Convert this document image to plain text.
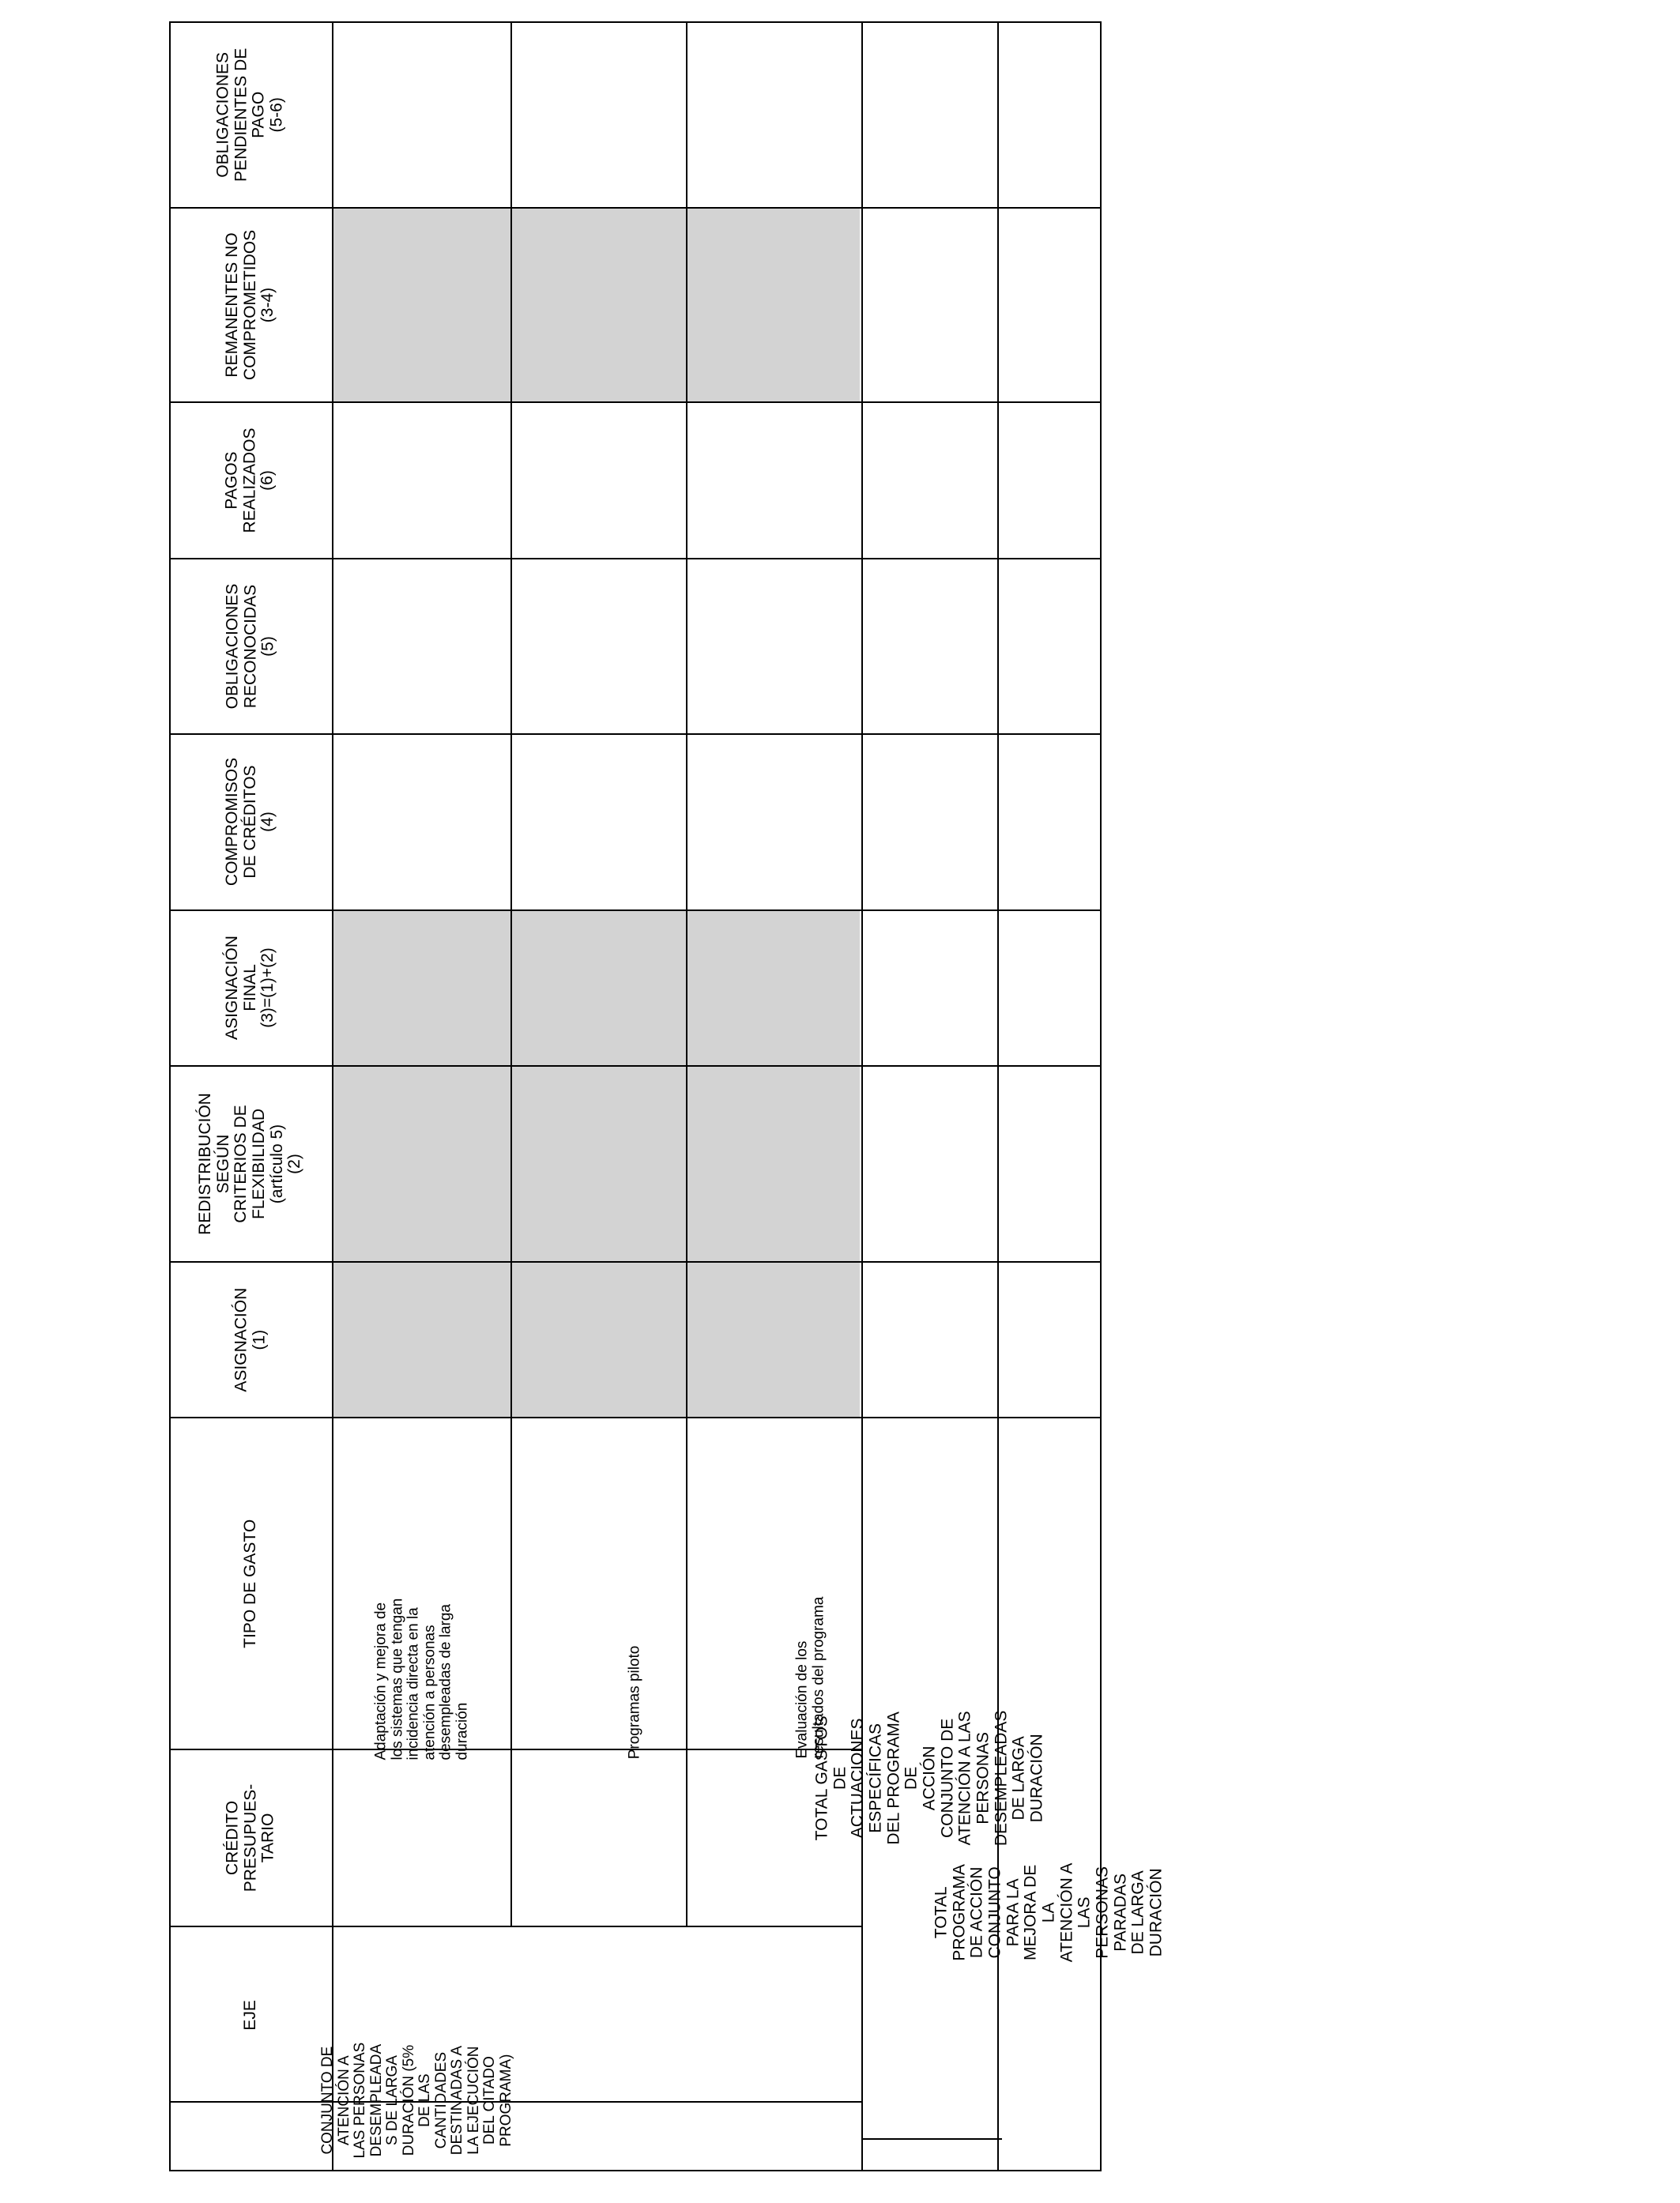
EJE
CRÉDITO
PRESUPUES-
TARIO
TIPO DE GASTO
ASIGNACIÓN
(1)
REDISTRIBUCIÓN
SEGÚN
CRITERIOS DE
FLEXIBILIDAD
(artículo 5)
(2)
ASIGNACIÓN
FINAL
(3)=(1)+(2)
COMPROMISOS
DE CRÉDITOS
(4)
OBLIGACIONES
RECONOCIDAS
(5)
PAGOS
REALIZADOS
(6)
REMANENTES NO
COMPROMETIDOS
(3-4)
OBLIGACIONES
PENDIENTES DE
PAGO
(5-6)
CONJUNTO DE
ATENCIÓN A
LAS PERSONAS
DESEMPLEADA
S DE LARGA
DURACIÓN (5%
DE LAS
CANTIDADES
DESTINADAS A
LA EJECUCIÓN
DEL CITADO
PROGRAMA)
Adaptación y mejora de los sistemas que tengan
incidencia directa en la atención a personas
desempleadas de larga duración	Programas piloto	Evaluación de los resultados del programa
TOTAL GASTOS DE ACTUACIONES ESPECÍFICAS DEL PROGRAMA DE
ACCIÓN CONJUNTO DE ATENCIÓN A LAS PERSONAS DESEMPLEADAS
DE LARGA DURACIÓN
TOTAL PROGRAMA DE ACCIÓN CONJUNTO PARA LA MEJORA DE LA
ATENCIÓN A LAS PERSONAS PARADAS DE LARGA DURACIÓN
